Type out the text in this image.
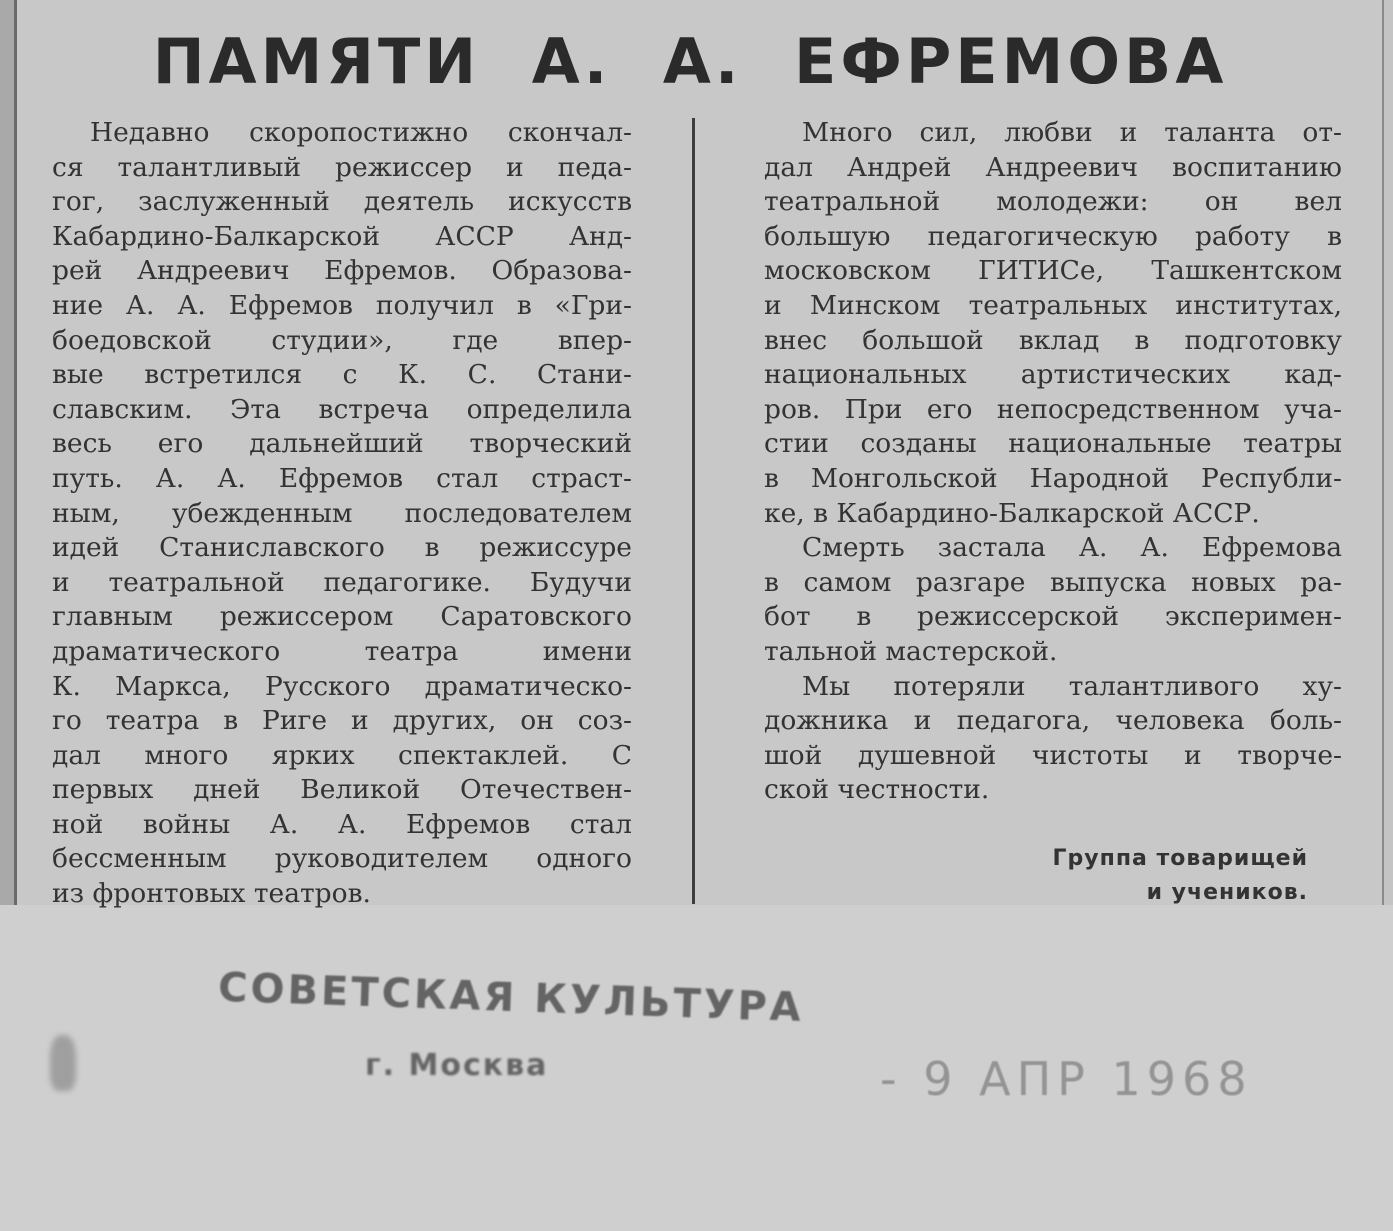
ПАМЯТИ А. А. ЕФРЕМОВА
Недавно скоропостижно скончал-
ся талантливый режиссер и педа-
гог, заслуженный деятель искусств
Кабардино-Балкарской АССР Анд-
рей Андреевич Ефремов. Образова-
ние А. А. Ефремов получил в «Гри-
боедовской студии», где впер-
вые встретился с К. С. Стани-
славским. Эта встреча определила
весь его дальнейший творческий
путь. А. А. Ефремов стал страст-
ным, убежденным последователем
идей Станиславского в режиссуре
и театральной педагогике. Будучи
главным режиссером Саратовского
драматического театра имени
К. Маркса, Русского драматическо-
го театра в Риге и других, он соз-
дал много ярких спектаклей. С
первых дней Великой Отечествен-
ной войны А. А. Ефремов стал
бессменным руководителем одного
из фронтовых театров.
Много сил, любви и таланта от-
дал Андрей Андреевич воспитанию
театральной молодежи: он вел
большую педагогическую работу в
московском ГИТИСе, Ташкентском
и Минском театральных институтах,
внес большой вклад в подготовку
национальных артистических кад-
ров. При его непосредственном уча-
стии созданы национальные театры
в Монгольской Народной Республи-
ке, в Кабардино-Балкарской АССР.
Смерть застала А. А. Ефремова
в самом разгаре выпуска новых ра-
бот в режиссерской эксперимен-
тальной мастерской.
Мы потеряли талантливого ху-
дожника и педагога, человека боль-
шой душевной чистоты и творче-
ской честности.
Группа товарищей
и учеников.
СОВЕТСКАЯ КУЛЬТУРА
г. Москва	- 9 АПР 1968
